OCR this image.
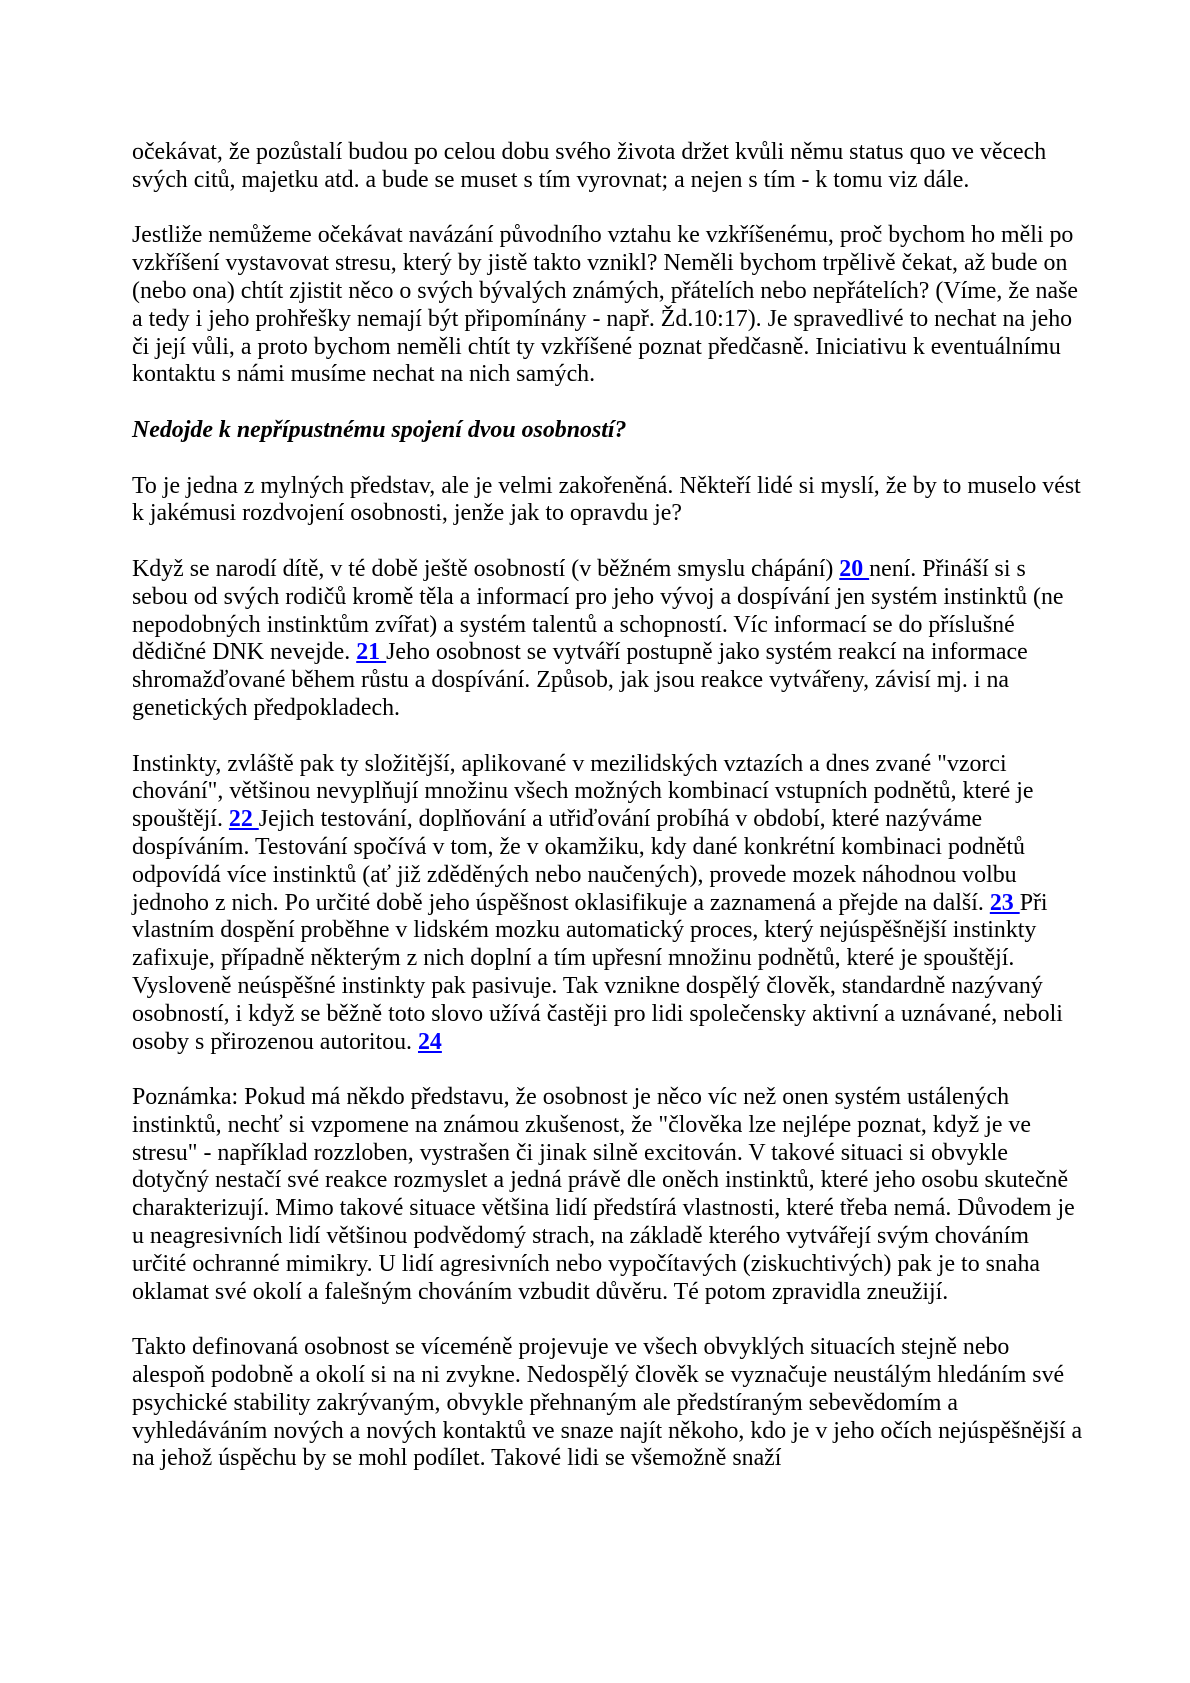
očekávat, že pozůstalí budou po celou dobu svého života držet kvůli němu status quo ve věcech svých citů, majetku atd. a bude se muset s tím vyrovnat; a nejen s tím - k tomu viz dále.

Jestliže nemůžeme očekávat navázání původního vztahu ke vzkříšenému, proč bychom ho měli po vzkříšení vystavovat stresu, který by jistě takto vznikl? Neměli bychom trpělivě čekat, až bude on (nebo ona) chtít zjistit něco o svých bývalých známých, přátelích nebo nepřátelích? (Víme, že naše a tedy i jeho prohřešky nemají být připomínány - např. Žd.10:17). Je spravedlivé to nechat na jeho či její vůli, a proto bychom neměli chtít ty vzkříšené poznat předčasně. Iniciativu k eventuálnímu kontaktu s námi musíme nechat na nich samých.

Nedojde k nepřípustnému spojení dvou osobností?

To je jedna z mylných představ, ale je velmi zakořeněná. Někteří lidé si myslí, že by to muselo vést k jakémusi rozdvojení osobnosti, jenže jak to opravdu je?

Když se narodí dítě, v té době ještě osobností (v běžném smyslu chápání) 20 není. Přináší si s sebou od svých rodičů kromě těla a informací pro jeho vývoj a dospívání jen systém instinktů (ne nepodobných instinktům zvířat) a systém talentů a schopností. Víc informací se do příslušné dědičné DNK nevejde. 21 Jeho osobnost se vytváří postupně jako systém reakcí na informace shromažďované během růstu a dospívání. Způsob, jak jsou reakce vytvářeny, závisí mj. i na genetických předpokladech.

Instinkty, zvláště pak ty složitější, aplikované v mezilidských vztazích a dnes zvané "vzorci chování", většinou nevyplňují množinu všech možných kombinací vstupních podnětů, které je spouštějí. 22 Jejich testování, doplňování a utřiďování probíhá v období, které nazýváme dospíváním. Testování spočívá v tom, že v okamžiku, kdy dané konkrétní kombinaci podnětů odpovídá více instinktů (ať již zděděných nebo naučených), provede mozek náhodnou volbu jednoho z nich. Po určité době jeho úspěšnost oklasifikuje a zaznamená a přejde na další. 23 Při vlastním dospění proběhne v lidském mozku automatický proces, který nejúspěšnější instinkty zafixuje, případně některým z nich doplní a tím upřesní množinu podnětů, které je spouštějí. Vysloveně neúspěšné instinkty pak pasivuje. Tak vznikne dospělý člověk, standardně nazývaný osobností, i když se běžně toto slovo užívá častěji pro lidi společensky aktivní a uznávané, neboli osoby s přirozenou autoritou. 24

Poznámka: Pokud má někdo představu, že osobnost je něco víc než onen systém ustálených instinktů, nechť si vzpomene na známou zkušenost, že "člověka lze nejlépe poznat, když je ve stresu" - například rozzloben, vystrašen či jinak silně excitován. V takové situaci si obvykle dotyčný nestačí své reakce rozmyslet a jedná právě dle oněch instinktů, které jeho osobu skutečně charakterizují. Mimo takové situace většina lidí předstírá vlastnosti, které třeba nemá. Důvodem je u neagresivních lidí většinou podvědomý strach, na základě kterého vytvářejí svým chováním určité ochranné mimikry. U lidí agresivních nebo vypočítavých (ziskuchtivých) pak je to snaha oklamat své okolí a falešným chováním vzbudit důvěru. Té potom zpravidla zneužijí.

Takto definovaná osobnost se víceméně projevuje ve všech obvyklých situacích stejně nebo alespoň podobně a okolí si na ni zvykne. Nedospělý člověk se vyznačuje neustálým hledáním své psychické stability zakrývaným, obvykle přehnaným ale předstíraným sebevědomím a vyhledáváním nových a nových kontaktů ve snaze najít někoho, kdo je v jeho očích nejúspěšnější a na jehož úspěchu by se mohl podílet. Takové lidi se všemožně snaží
